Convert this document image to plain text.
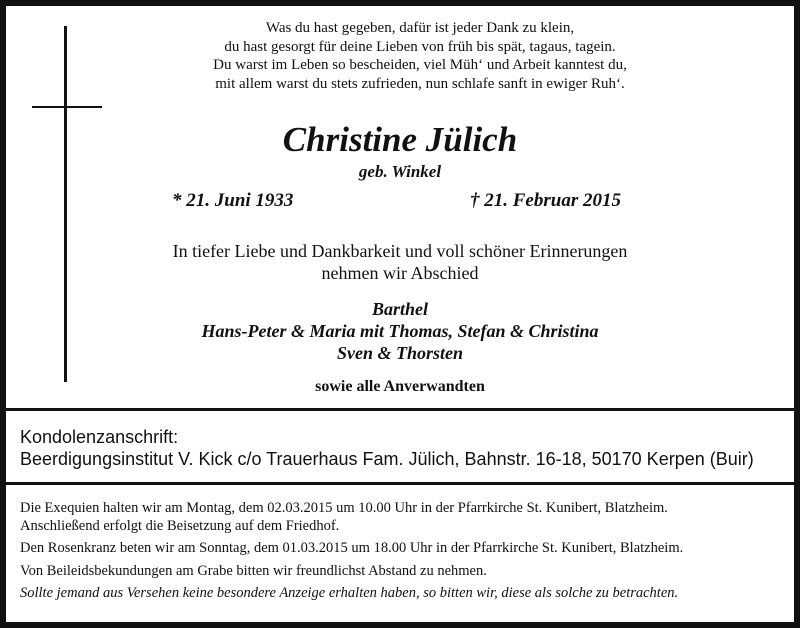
Was du hast gegeben, dafür ist jeder Dank zu klein,
du hast gesorgt für deine Lieben von früh bis spät, tagaus, tagein.
Du warst im Leben so bescheiden, viel Müh‘ und Arbeit kanntest du,
mit allem warst du stets zufrieden, nun schlafe sanft in ewiger Ruh‘.
Christine Jülich
geb. Winkel
* 21. Juni 1933	† 21. Februar 2015
In tiefer Liebe und Dankbarkeit und voll schöner Erinnerungen
nehmen wir Abschied
Barthel
Hans-Peter & Maria mit Thomas, Stefan & Christina
Sven & Thorsten
sowie alle Anverwandten
Kondolenzanschrift:
Beerdigungsinstitut V. Kick c/o Trauerhaus Fam. Jülich, Bahnstr. 16-18, 50170 Kerpen (Buir)
Die Exequien halten wir am Montag, dem 02.03.2015 um 10.00 Uhr in der Pfarrkirche St. Kunibert, Blatzheim.
Anschließend erfolgt die Beisetzung auf dem Friedhof.
Den Rosenkranz beten wir am Sonntag, dem 01.03.2015 um 18.00 Uhr in der Pfarrkirche St. Kunibert, Blatzheim.
Von Beileidsbekundungen am Grabe bitten wir freundlichst Abstand zu nehmen.
Sollte jemand aus Versehen keine besondere Anzeige erhalten haben, so bitten wir, diese als solche zu betrachten.
